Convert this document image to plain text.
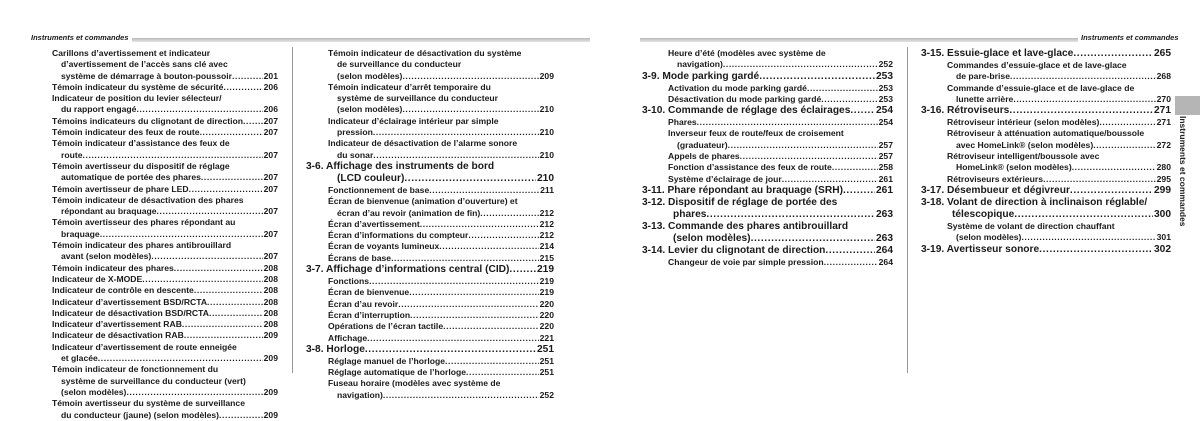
Instruments et commandes	Instruments et commandes
Instruments et commandes
Carillons d’avertissement et indicateur
d’avertissement de l’accès sans clé avec
système de démarrage à bouton-poussoir .....	201
Témoin indicateur du système de sécurité .....	206
Indicateur de position du levier sélecteur/
du rapport engagé .....	206
Témoins indicateurs du clignotant de direction ..... 207
Témoin indicateur des feux de route .....	207
Témoin indicateur d’assistance des feux de
route .....	207
Témoin avertisseur du dispositif de réglage
automatique de portée des phares .....	207
Témoin avertisseur de phare LED .....	207
Témoin indicateur de désactivation des phares
répondant au braquage .....	207
Témoin avertisseur des phares répondant au
braquage .....	207
Témoin indicateur des phares antibrouillard
avant (selon modèles) .....	207
Témoin indicateur des phares .....	208
Indicateur de X-MODE .....	208
Indicateur de contrôle en descente .....	208
Indicateur d’avertissement BSD/RCTA .....	208
Indicateur de désactivation BSD/RCTA .....	208
Indicateur d’avertissement RAB .....	208
Indicateur de désactivation RAB .....	209
Indicateur d’avertissement de route enneigée
et glacée .....	209
Témoin indicateur de fonctionnement du
système de surveillance du conducteur (vert)
(selon modèles) .....	209
Témoin avertisseur du système de surveillance
du conducteur (jaune) (selon modèles) .....	209
Témoin indicateur de désactivation du système
de surveillance du conducteur
(selon modèles) .....	209
Témoin indicateur d’arrêt temporaire du
système de surveillance du conducteur
(selon modèles) .....	210
Indicateur d’éclairage intérieur par simple
pression .....	210
Indicateur de désactivation de l’alarme sonore
du sonar .....	210
3-6. Affichage des instruments de bord
(LCD couleur) .....	210
Fonctionnement de base .....	211
Écran de bienvenue (animation d’ouverture) et
écran d’au revoir (animation de fin) .....	212
Écran d’avertissement .....	212
Écran d’informations du compteur .....	212
Écran de voyants lumineux .....	214
Écrans de base .....	215
3-7. Affichage d’informations central (CID) .....	219
Fonctions .....	219
Écran de bienvenue .....	219
Écran d’au revoir .....	220
Écran d’interruption .....	220
Opérations de l’écran tactile .....	220
Affichage .....	221
3-8. Horloge .....	251
Réglage manuel de l’horloge .....	251
Réglage automatique de l’horloge .....	251
Fuseau horaire (modèles avec système de
navigation) .....	252
Heure d’été (modèles avec système de
navigation) .....	252
3-9. Mode parking gardé .....	253
Activation du mode parking gardé .....	253
Désactivation du mode parking gardé .....	253
3-10. Commande de réglage des éclairages .....	254
Phares .....	254
Inverseur feux de route/feux de croisement
(graduateur) .....	257
Appels de phares .....	257
Fonction d’assistance des feux de route .....	258
Système d’éclairage de jour .....	261
3-11. Phare répondant au braquage (SRH) .....	261
3-12. Dispositif de réglage de portée des
phares .....	263
3-13. Commande des phares antibrouillard
(selon modèles) .....	263
3-14. Levier du clignotant de direction .....	264
Changeur de voie par simple pression .....	264
3-15. Essuie-glace et lave-glace .....	265
Commandes d’essuie-glace et de lave-glace
de pare-brise .....	268
Commande d’essuie-glace et de lave-glace de
lunette arrière .....	270
3-16. Rétroviseurs .....	271
Rétroviseur intérieur (selon modèles) .....	271
Rétroviseur à atténuation automatique/boussole
avec HomeLink® (selon modèles) .....	272
Rétroviseur intelligent/boussole avec
HomeLink® (selon modèles) .....	280
Rétroviseurs extérieurs .....	295
3-17. Désembueur et dégivreur .....	299
3-18. Volant de direction à inclinaison réglable/
télescopique .....	300
Système de volant de direction chauffant
(selon modèles) .....	301
3-19. Avertisseur sonore .....	302
